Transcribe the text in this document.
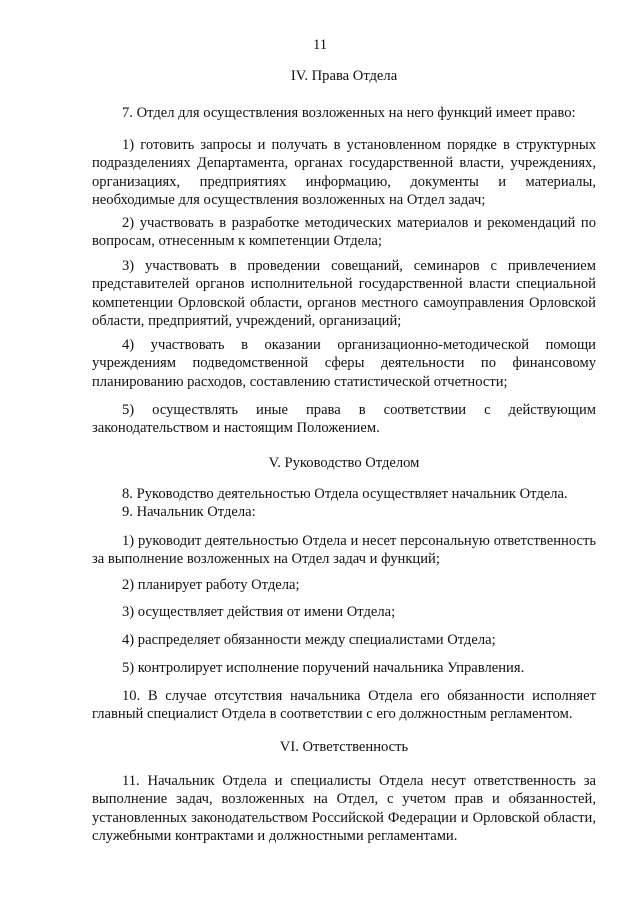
11
IV. Права Отдела
7. Отдел для осуществления возложенных на него функций имеет право:
1) готовить запросы и получать в установленном порядке в структурных подразделениях Департамента, органах государственной власти, учреждениях, организациях, предприятиях информацию, документы и материалы, необходимые для осуществления возложенных на Отдел задач;
2) участвовать в разработке методических материалов и рекомендаций по вопросам, отнесенным к компетенции Отдела;
3) участвовать в проведении совещаний, семинаров с привлечением представителей органов исполнительной государственной власти специальной компетенции Орловской области, органов местного самоуправления Орловской области, предприятий, учреждений, организаций;
4) участвовать в оказании организационно-методической помощи учреждениям подведомственной сферы деятельности по финансовому планированию расходов, составлению статистической отчетности;
5) осуществлять иные права в соответствии с действующим законодательством и настоящим Положением.
V. Руководство Отделом
8. Руководство деятельностью Отдела осуществляет начальник Отдела.
9. Начальник Отдела:
1) руководит деятельностью Отдела и несет персональную ответственность за выполнение возложенных на Отдел задач и функций;
2) планирует работу Отдела;
3) осуществляет действия от имени Отдела;
4) распределяет обязанности между специалистами Отдела;
5) контролирует исполнение поручений начальника Управления.
10. В случае отсутствия начальника Отдела его обязанности исполняет главный специалист Отдела в соответствии с его должностным регламентом.
VI. Ответственность
11. Начальник Отдела и специалисты Отдела несут ответственность за выполнение задач, возложенных на Отдел, с учетом прав и обязанностей, установленных законодательством Российской Федерации и Орловской области, служебными контрактами и должностными регламентами.
